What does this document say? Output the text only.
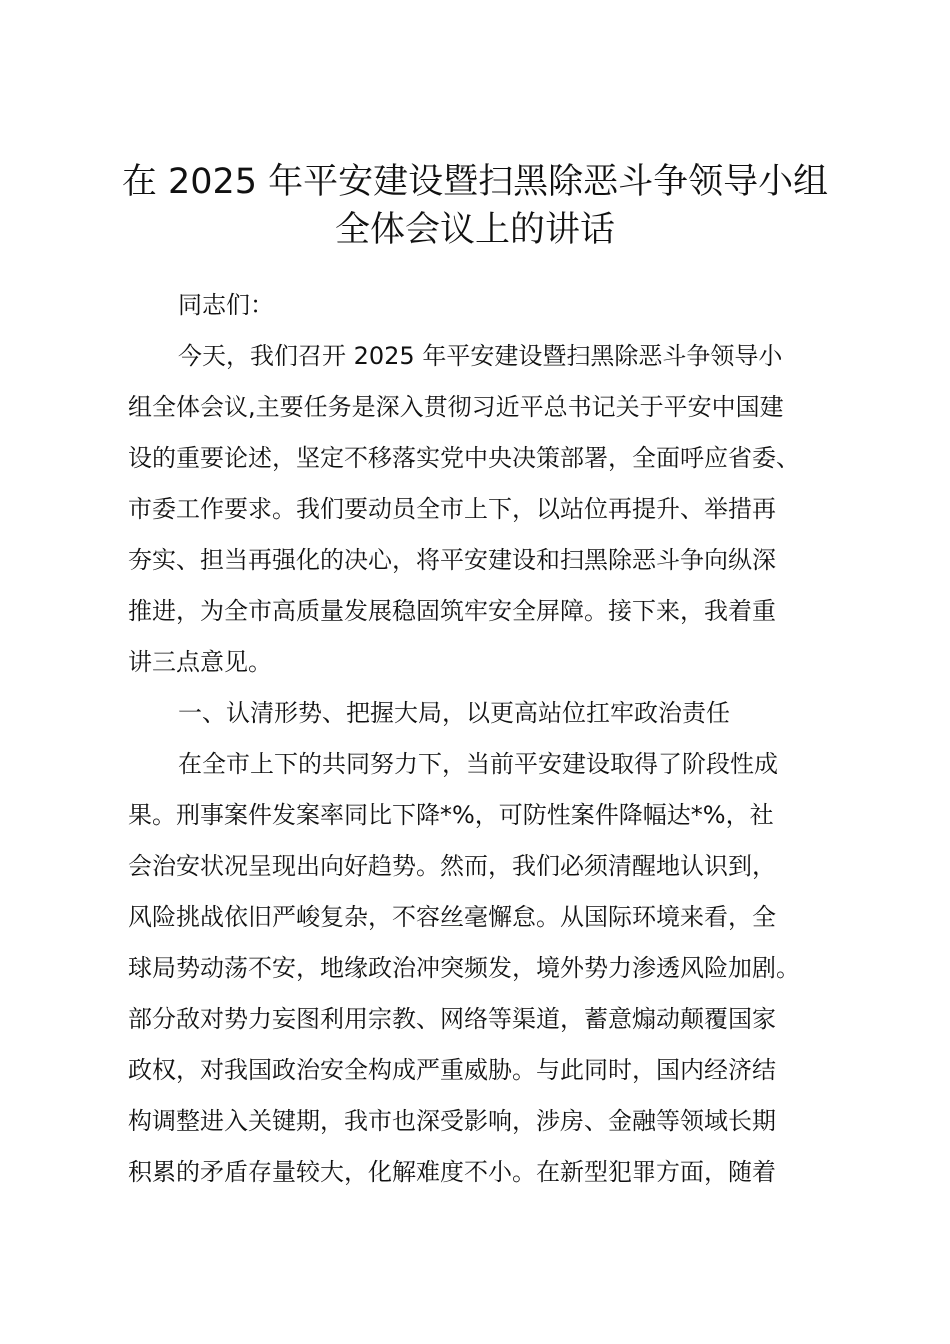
在 2025 年平安建设暨扫黑除恶斗争领导小组
全体会议上的讲话
同志们：
今天，我们召开 2025 年平安建设暨扫黑除恶斗争领导小
组全体会议,主要任务是深入贯彻习近平总书记关于平安中国建
设的重要论述，坚定不移落实党中央决策部署，全面呼应省委、
市委工作要求。我们要动员全市上下，以站位再提升、举措再
夯实、担当再强化的决心，将平安建设和扫黑除恶斗争向纵深
推进，为全市高质量发展稳固筑牢安全屏障。接下来，我着重
讲三点意见。
一、认清形势、把握大局，以更高站位扛牢政治责任
在全市上下的共同努力下，当前平安建设取得了阶段性成
果。刑事案件发案率同比下降*%，可防性案件降幅达*%，社
会治安状况呈现出向好趋势。然而，我们必须清醒地认识到，
风险挑战依旧严峻复杂，不容丝毫懈怠。从国际环境来看，全
球局势动荡不安，地缘政治冲突频发，境外势力渗透风险加剧。
部分敌对势力妄图利用宗教、网络等渠道，蓄意煽动颠覆国家
政权，对我国政治安全构成严重威胁。与此同时，国内经济结
构调整进入关键期，我市也深受影响，涉房、金融等领域长期
积累的矛盾存量较大，化解难度不小。在新型犯罪方面，随着
